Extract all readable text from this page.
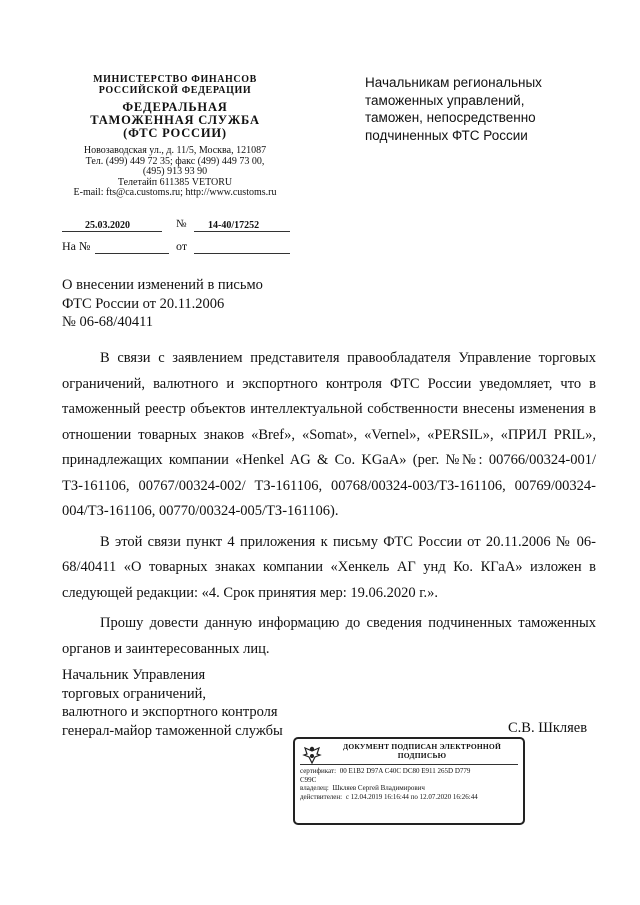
МИНИСТЕРСТВО ФИНАНСОВ
РОССИЙСКОЙ ФЕДЕРАЦИИ
ФЕДЕРАЛЬНАЯ
ТАМОЖЕННАЯ СЛУЖБА
(ФТС РОССИИ)
Новозаводская ул., д. 11/5, Москва, 121087
Тел. (499) 449 72 35; факс (499) 449 73 00,
(495) 913 93 90
Телетайп 611385 VETORU
E-mail: fts@ca.customs.ru; http://www.customs.ru
25.03.2020	№ 14-40/17252
На №	от
Начальникам региональных
таможенных управлений,
таможен, непосредственно
подчиненных ФТС России
О внесении изменений в письмо
ФТС России от 20.11.2006
№ 06-68/40411

В связи с заявлением представителя правообладателя Управление торговых ограничений, валютного и экспортного контроля ФТС России уведомляет, что в таможенный реестр объектов интеллектуальной собственности внесены изменения в отношении товарных знаков «Bref», «Somat», «Vernel», «PERSIL», «ПРИЛ PRIL», принадлежащих компании «Henkel AG & Co. KGaA» (рег. №№: 00766/00324-001/ ТЗ-161106, 00767/00324-002/ ТЗ-161106, 00768/00324-003/ТЗ-161106, 00769/00324-004/ТЗ-161106, 00770/00324-005/ТЗ-161106).

В этой связи пункт 4 приложения к письму ФТС России от 20.11.2006 № 06-68/40411 «О товарных знаках компании «Хенкель АГ унд Ко. КГаА» изложен в следующей редакции: «4. Срок принятия мер: 19.06.2020 г.».

Прошу довести данную информацию до сведения подчиненных таможенных органов и заинтересованных лиц.

Начальник Управления
торговых ограничений,
валютного и экспортного контроля
генерал-майор таможенной службы	С.В. Шкляев
ДОКУМЕНТ ПОДПИСАН ЭЛЕКТРОННОЙ
ПОДПИСЬЮ
сертификат: 00 E1B2 D97A C40C DC80 E911 265D D779
C99C
владелец: Шкляев Сергей Владимирович
действителен: с 12.04.2019 16:16:44 по 12.07.2020 16:26:44
